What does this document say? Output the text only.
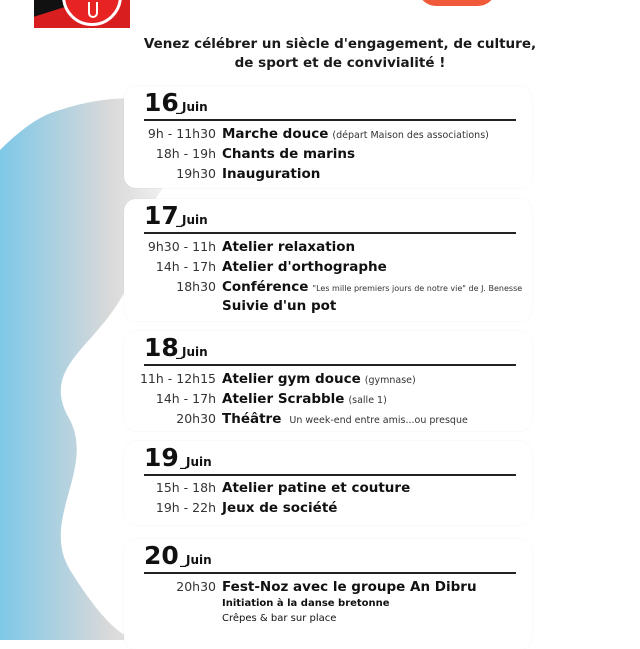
Venez célébrer un siècle d'engagement, de culture,
de sport et de convivialité !
16
_Juin
9h - 11h30 Marche douce (départ Maison des associations)
18h - 19h Chants de marins
19h30 Inauguration
17
_Juin
9h30 - 11h Atelier relaxation
14h - 17h Atelier d'orthographe
18h30 Conférence "Les mille premiers jours de notre vie" de J. Benesse
Suivie d'un pot
18
_Juin
11h - 12h15 Atelier gym douce (gymnase)
14h - 17h Atelier Scrabble (salle 1)
20h30 Théâtre Un week-end entre amis...ou presque
19 _Juin
15h - 18h Atelier patine et couture
19h - 22h Jeux de société
20 _Juin
20h30 Fest-Noz avec le groupe An Dibru
Initiation à la danse bretonne
Crêpes & bar sur place
